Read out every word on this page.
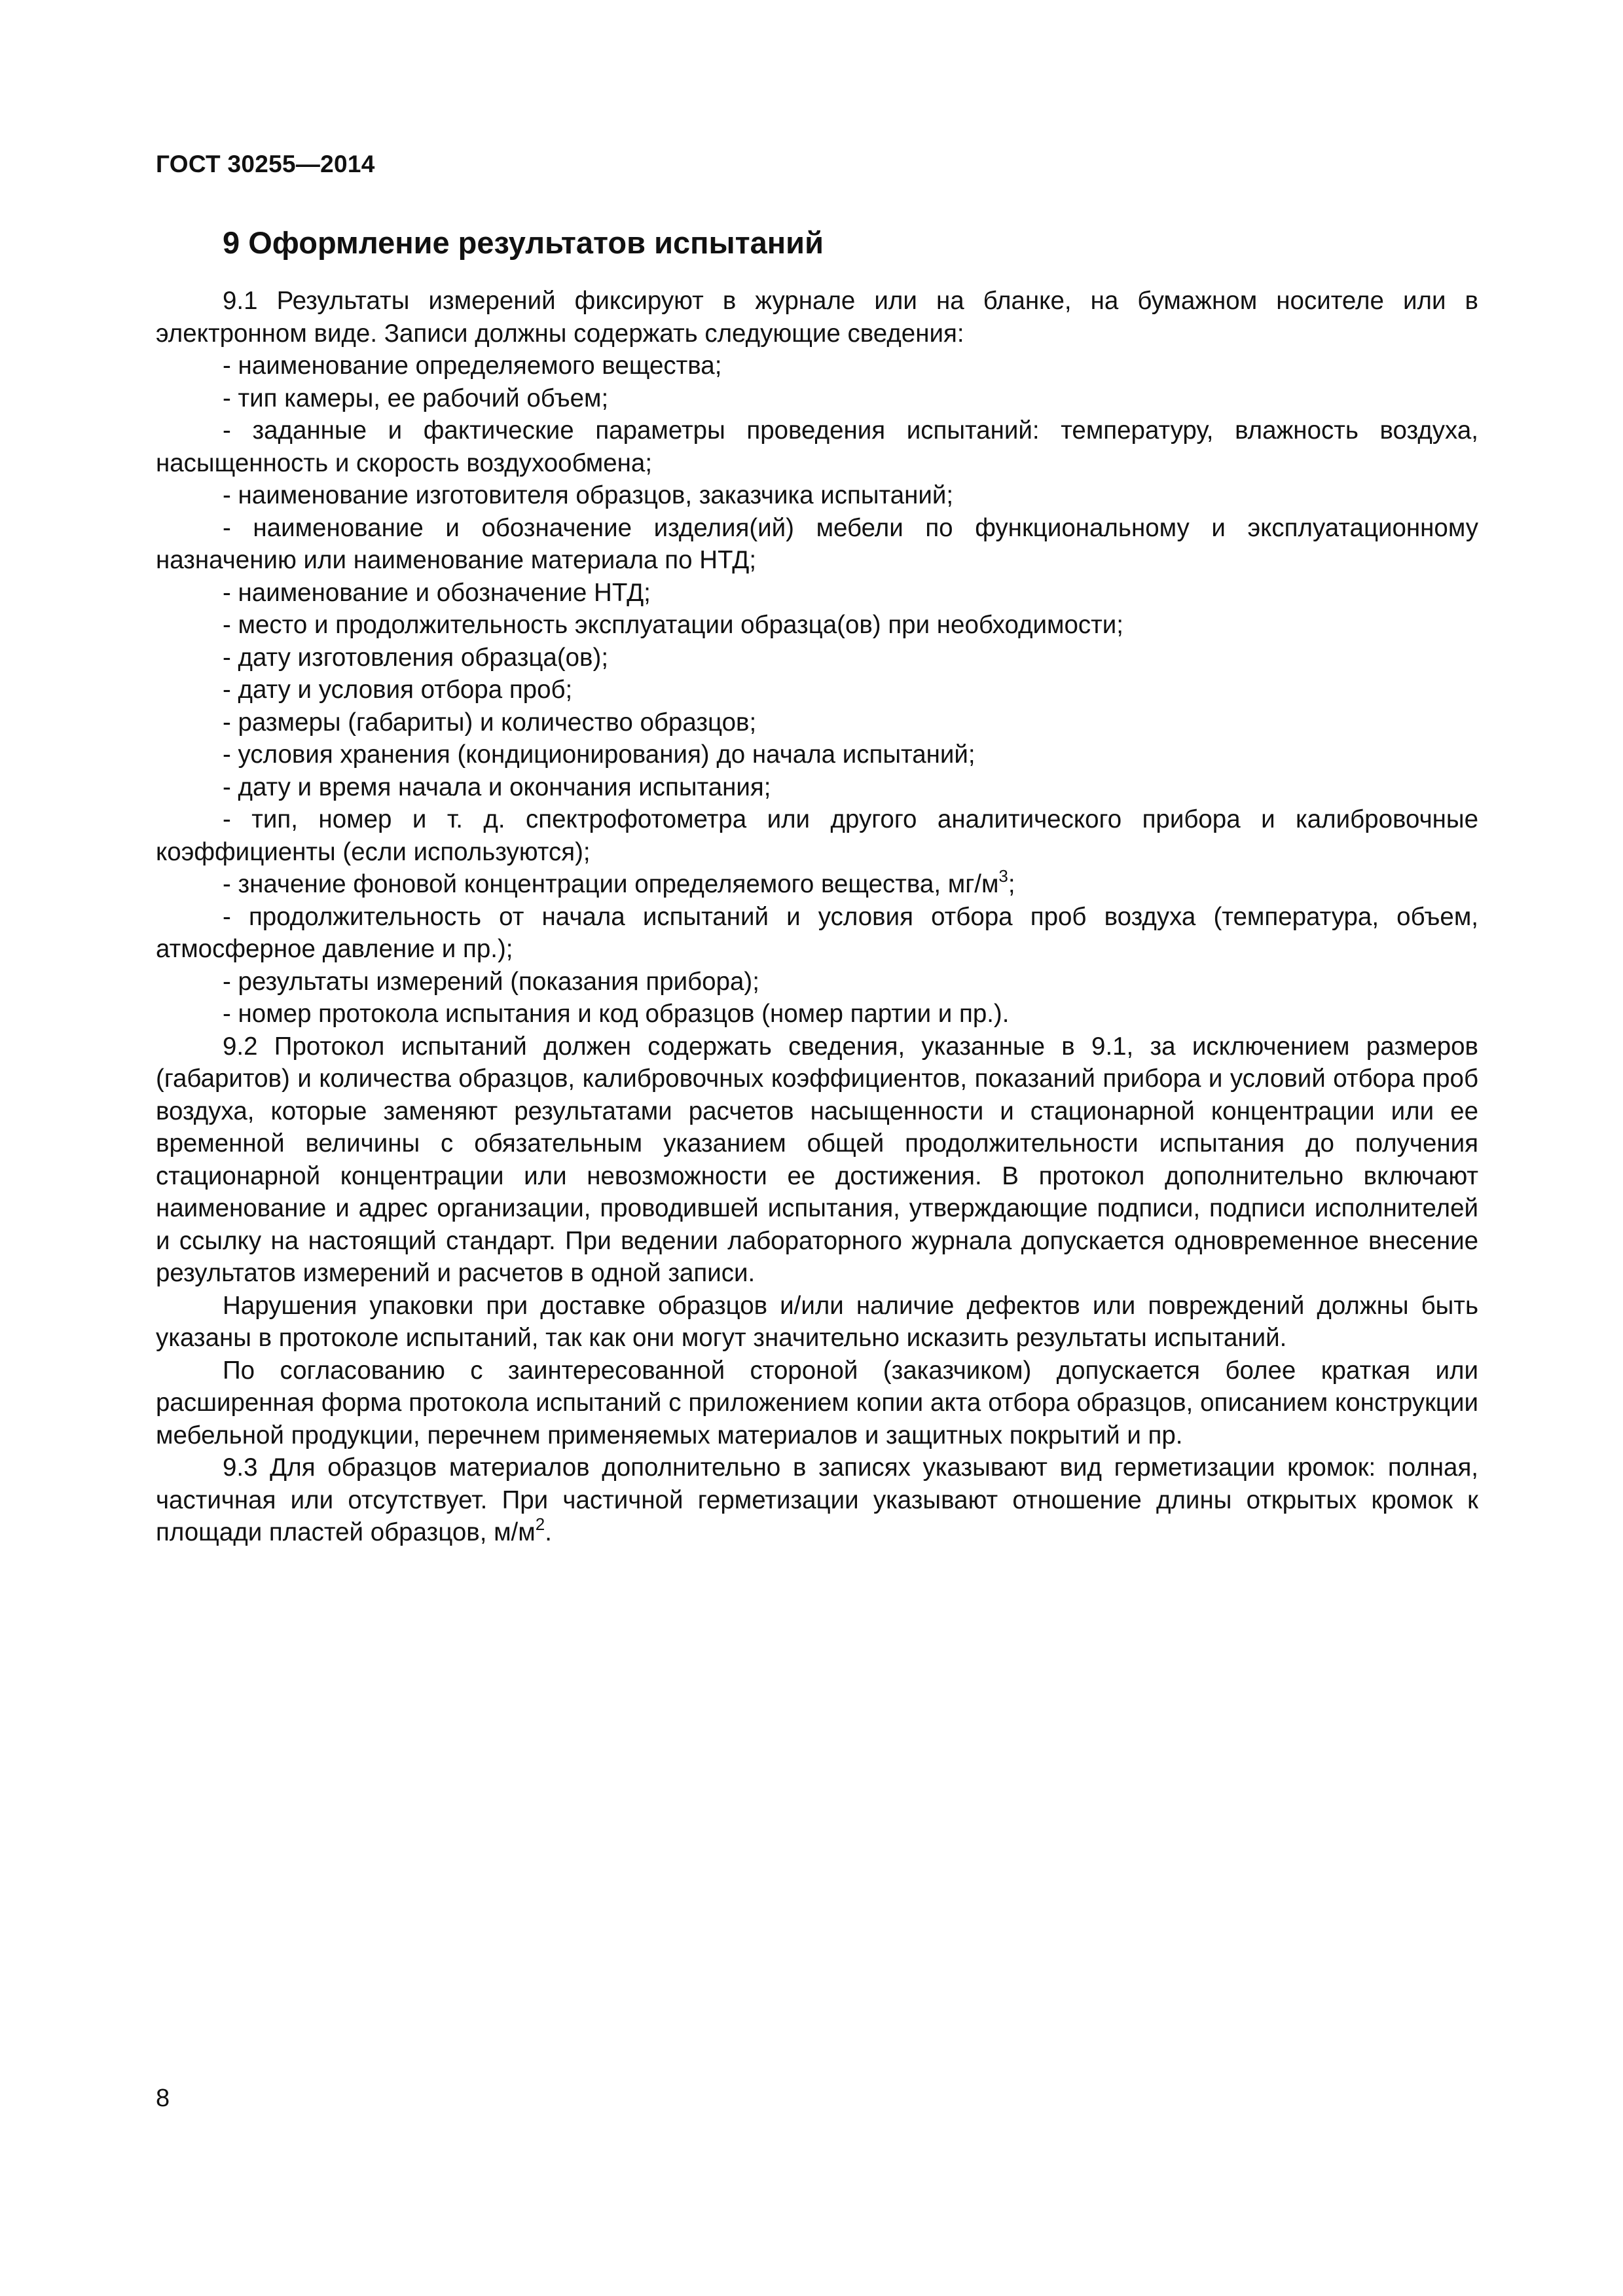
ГОСТ 30255—2014
9 Оформление результатов испытаний

9.1 Результаты измерений фиксируют в журнале или на бланке, на бумажном носителе или в электронном виде. Записи должны содержать следующие сведения:

- наименование определяемого вещества;

- тип камеры, ее рабочий объем;

- заданные и фактические параметры проведения испытаний: температуру, влажность воздуха, насыщенность и скорость воздухообмена;

- наименование изготовителя образцов, заказчика испытаний;

- наименование и обозначение изделия(ий) мебели по функциональному и эксплуатационному назначению или наименование материала по НТД;

- наименование и обозначение НТД;

- место и продолжительность эксплуатации образца(ов) при необходимости;

- дату изготовления образца(ов);

- дату и условия отбора проб;

- размеры (габариты) и количество образцов;

- условия хранения (кондиционирования) до начала испытаний;

- дату и время начала и окончания испытания;

- тип, номер и т. д. спектрофотометра или другого аналитического прибора и калибровочные коэффициенты (если используются);

- значение фоновой концентрации определяемого вещества, $мг/м^3$;

- продолжительность от начала испытаний и условия отбора проб воздуха (температура, объем, атмосферное давление и пр.);

- результаты измерений (показания прибора);

- номер протокола испытания и код образцов (номер партии и пр.).

9.2 Протокол испытаний должен содержать сведения, указанные в 9.1, за исключением размеров (габаритов) и количества образцов, калибровочных коэффициентов, показаний прибора и условий отбора проб воздуха, которые заменяют результатами расчетов насыщенности и стационарной концентрации или ее временной величины с обязательным указанием общей продолжительности испытания до получения стационарной концентрации или невозможности ее достижения. В протокол дополнительно включают наименование и адрес организации, проводившей испытания, утверждающие подписи, подписи исполнителей и ссылку на настоящий стандарт. При ведении лабораторного журнала допускается одновременное внесение результатов измерений и расчетов в одной записи.

Нарушения упаковки при доставке образцов и/или наличие дефектов или повреждений должны быть указаны в протоколе испытаний, так как они могут значительно исказить результаты испытаний.

По согласованию с заинтересованной стороной (заказчиком) допускается более краткая или расширенная форма протокола испытаний с приложением копии акта отбора образцов, описанием конструкции мебельной продукции, перечнем применяемых материалов и защитных покрытий и пр.

9.3 Для образцов материалов дополнительно в записях указывают вид герметизации кромок: полная, частичная или отсутствует. При частичной герметизации указывают отношение длины открытых кромок к площади пластей образцов, $м/м^2$.

8
